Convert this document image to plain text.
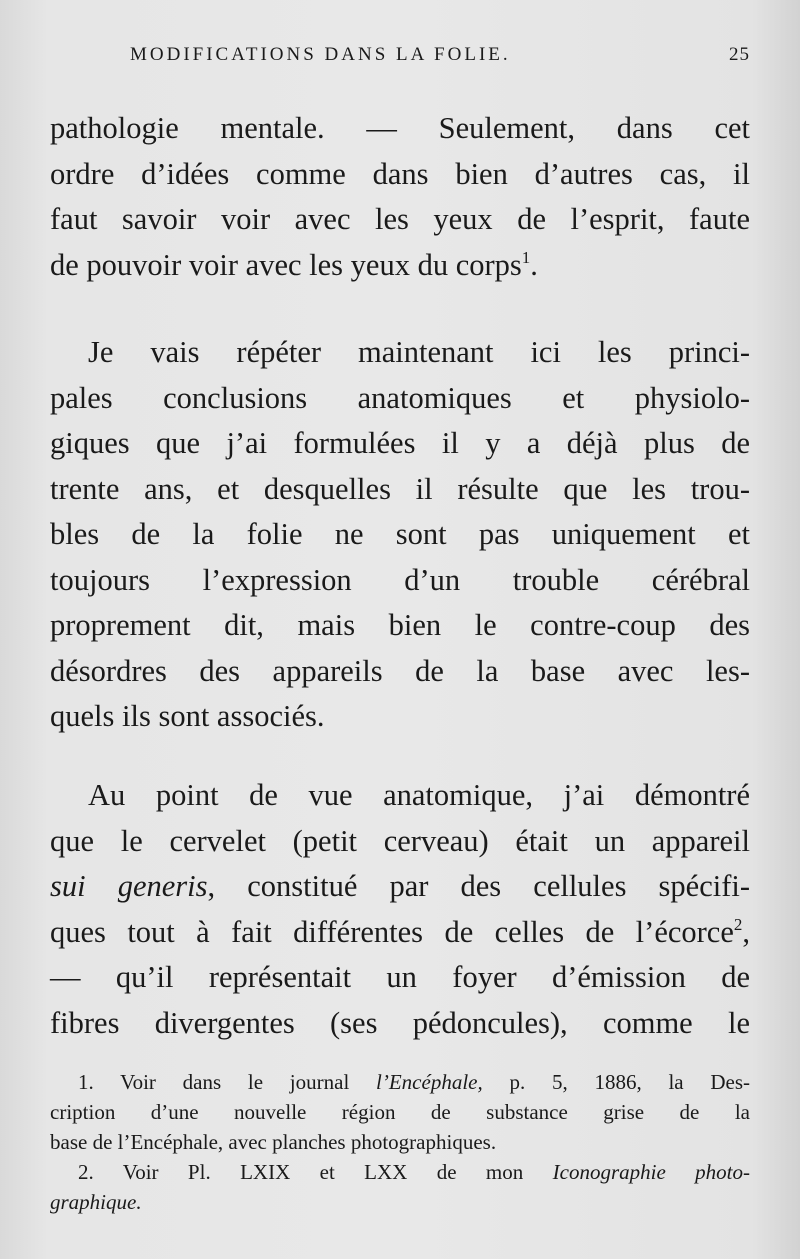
MODIFICATIONS DANS LA FOLIE.	25
pathologie mentale. — Seulement, dans cet
ordre d’idées comme dans bien d’autres cas, il
faut savoir voir avec les yeux de l’esprit, faute
de pouvoir voir avec les yeux du corps$^1$.
Je vais répéter maintenant ici les princi-
pales conclusions anatomiques et physiolo-
giques que j’ai formulées il y a déjà plus de
trente ans, et desquelles il résulte que les trou-
bles de la folie ne sont pas uniquement et
toujours l’expression d’un trouble cérébral
proprement dit, mais bien le contre-coup des
désordres des appareils de la base avec les-
quels ils sont associés.
Au point de vue anatomique, j’ai démontré
que le cervelet (petit cerveau) était un appareil
sui generis, constitué par des cellules spécifi-
ques tout à fait différentes de celles de l’écorce$^2$,
— qu’il représentait un foyer d’émission de
fibres divergentes (ses pédoncules), comme le
1. Voir dans le journal l’Encéphale, p. 5, 1886, la Des-
cription d’une nouvelle région de substance grise de la
base de l’Encéphale, avec planches photographiques.
2. Voir Pl. LXIX et LXX de mon Iconographie photo-
graphique.
